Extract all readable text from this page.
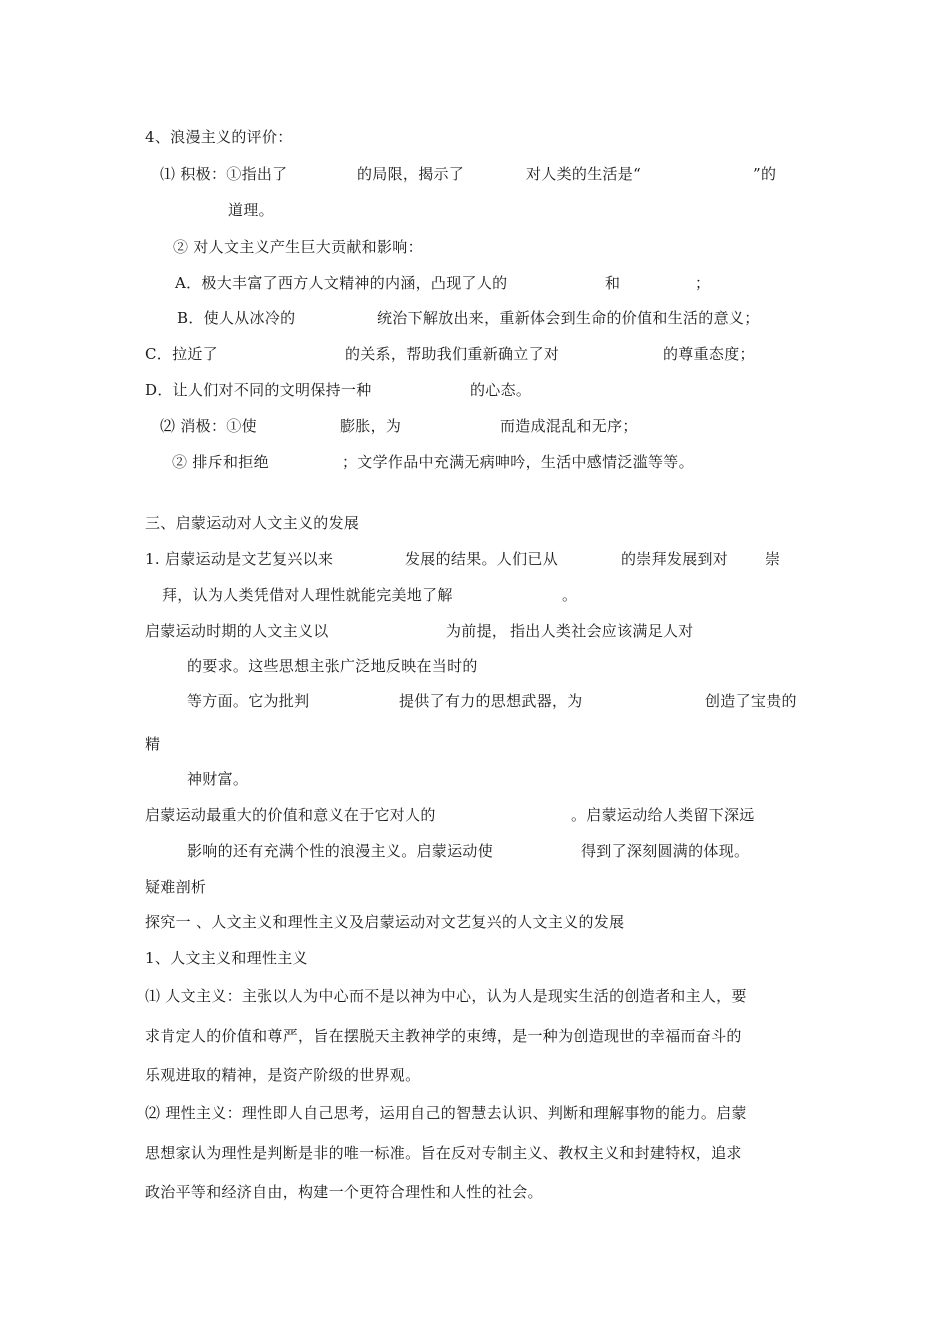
4、浪漫主义的评价：

⑴ 积极：①指出了

	的局限，揭示了

	对人类的生活是“

	”的

道理。
② 对人文主义产生巨大贡献和影响：

A．极大丰富了西方人文精神的内涵，凸现了人的

	和

	；

B．使人从冰冷的

	统治下解放出来，重新体会到生命的价值和生活的意义；

C．拉近了

	的关系，帮助我们重新确立了对

	的尊重态度；

D．让人们对不同的文明保持一种

	的心态。

⑵ 消极：①使

	膨胀，为

	而造成混乱和无序；

② 排斥和拒绝

	；文学作品中充满无病呻吟，生活中感情泛滥等等。

三、启蒙运动对人文主义的发展

1. 启蒙运动是文艺复兴以来

	发展的结果。人们已从

	的崇拜发展到对

崇

拜，认为人类凭借对人理性就能完美地了解

	。

启蒙运动时期的人文主义以

	为前提，

指出人类社会应该满足人对

的要求。这些思想主张广泛地反映在当时的

等方面。它为批判

	提供了有力的思想武器，为

	创造了宝贵的

精
神财富。

启蒙运动最重大的价值和意义在于它对人的

	。启蒙运动给人类留下深远

影响的还有充满个性的浪漫主义。启蒙运动使

	得到了深刻圆满的体现。

疑难剖析
探究一 、人文主义和理性主义及启蒙运动对文艺复兴的人文主义的发展
1、人文主义和理性主义
⑴ 人文主义：主张以人为中心而不是以神为中心，认为人是现实生活的创造者和主人，要
求肯定人的价值和尊严，旨在摆脱天主教神学的束缚，是一种为创造现世的幸福而奋斗的
乐观进取的精神，是资产阶级的世界观。
⑵ 理性主义：理性即人自己思考，运用自己的智慧去认识、判断和理解事物的能力。启蒙
思想家认为理性是判断是非的唯一标准。旨在反对专制主义、教权主义和封建特权，追求
政治平等和经济自由，构建一个更符合理性和人性的社会。
